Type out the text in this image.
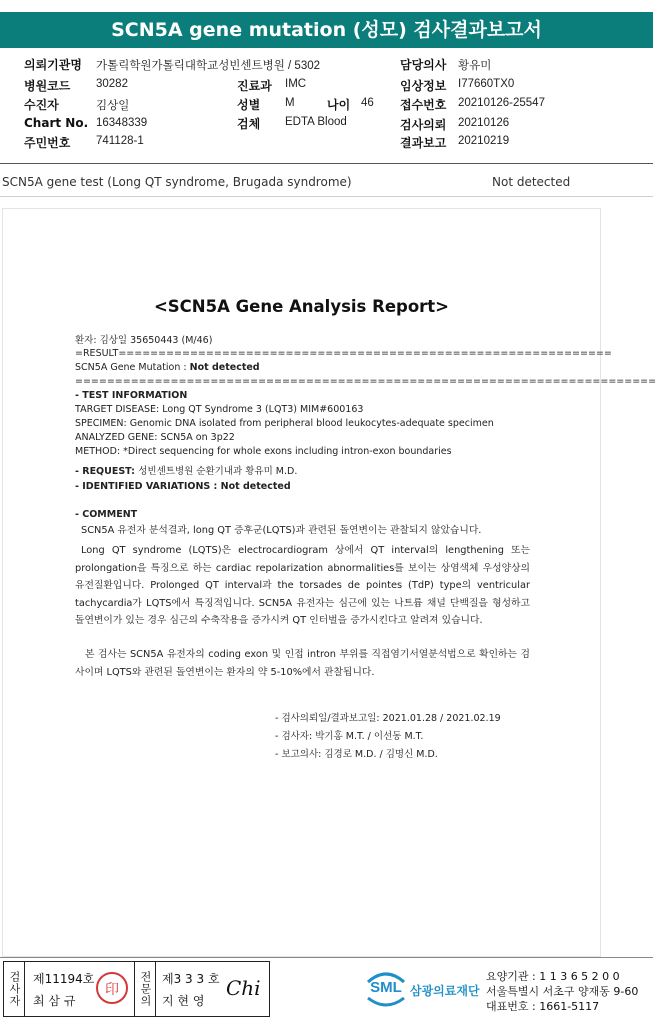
SCN5A gene mutation (성모) 검사결과보고서
의뢰기관명 가톨릭학원가톨릭대학교성빈센트병원 / 5302	담당의사 황유미
병원코드 30282	진료과 IMC	임상정보 I77660TX0
수진자	김상일	성별 M	나이 46 접수번호 20210126-25547
Chart No. 16348339	검체 EDTA Blood	검사의뢰 20210126
주민번호 741128-1	결과보고 20210219
SCN5A gene test (Long QT syndrome, Brugada syndrome)	Not detected
<SCN5A Gene Analysis Report>
환자: 김상일 35650443 (M/46)
=RESULT==============================================================
SCN5A Gene Mutation : Not detected
=========================================================================
- TEST INFORMATION
TARGET DISEASE: Long QT Syndrome 3 (LQT3) MIM#600163
SPECIMEN: Genomic DNA isolated from peripheral blood leukocytes-adequate specimen
ANALYZED GENE: SCN5A on 3p22
METHOD: *Direct sequencing for whole exons including intron-exon boundaries
- REQUEST: 성빈센트병원 순환기내과 황유미 M.D.
- IDENTIFIED VARIATIONS : Not detected
- COMMENT
SCN5A 유전자 분석결과, long QT 증후군(LQTS)과 관련된 돌연변이는 관찰되지 않았습니다.
Long QT syndrome (LQTS)은 electrocardiogram 상에서 QT interval의 lengthening 또는 prolongation을 특징으로 하는 cardiac repolarization abnormalities를 보이는 상염색체 우성양상의 유전질환입니다. Prolonged QT interval과 the torsades de pointes (TdP) type의 ventricular tachycardia가 LQTS에서 특징적입니다. SCN5A 유전자는 심근에 있는 나트륨 채널 단백질을 형성하고 돌연변이가 있는 경우 심근의 수축작용을 증가시켜 QT 인터벌을 증가시킨다고 알려져 있습니다.
본 검사는 SCN5A 유전자의 coding exon 및 인접 intron 부위를 직접염기서열분석법으로 확인하는 검사이며 LQTS와 관련된 돌연변이는 환자의 약 5-10%에서 관찰됩니다.
- 검사의뢰일/결과보고일: 2021.01.28 / 2021.02.19
- 검사자: 박기홍 M.T. / 이선동 M.T.
- 보고의사: 김경로 M.D. / 김명신 M.D.
검사자 제11194호
최 삼 규
印	전문의 제3 3 3 호
지 현 영
Chi	SML 삼광의료재단
요양기관 : 1 1 3 6 5 2 0 0
서울특별시 서초구 양재동 9-60
대표번호 : 1661-5117
